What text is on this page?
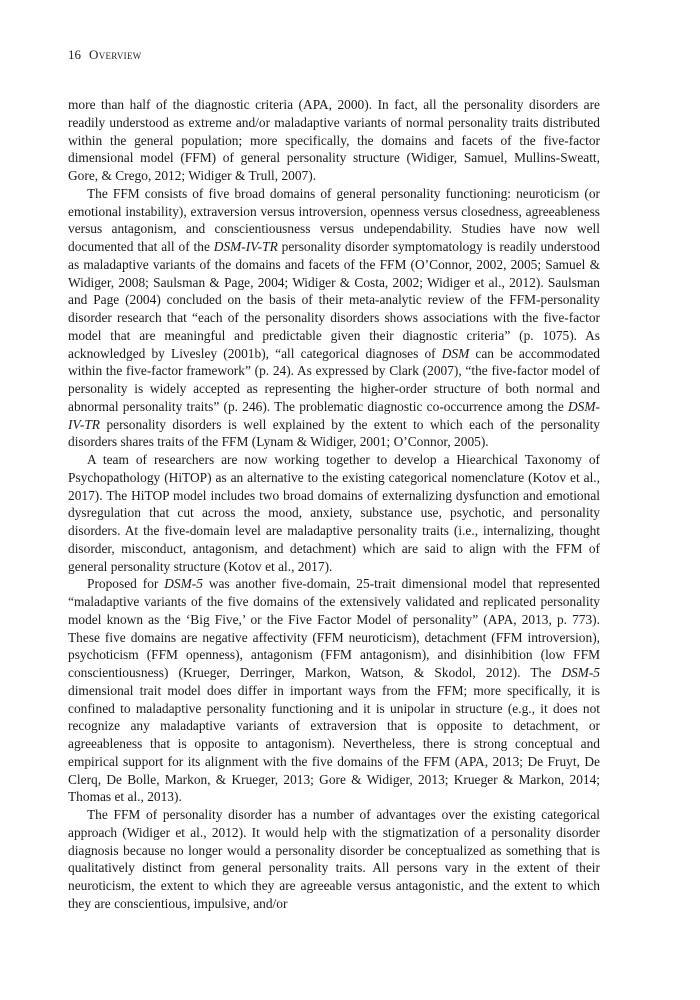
16 Overview

more than half of the diagnostic criteria (APA, 2000). In fact, all the personality disorders are readily understood as extreme and/or maladaptive variants of normal personality traits distributed within the general population; more specifically, the domains and facets of the five-factor dimensional model (FFM) of general personality structure (Widiger, Samuel, Mullins-Sweatt, Gore, & Crego, 2012; Widiger & Trull, 2007).

The FFM consists of five broad domains of general personality functioning: neuroticism (or emotional instability), extraversion versus introversion, openness versus closedness, agreeableness versus antagonism, and conscientiousness versus undependability. Studies have now well documented that all of the DSM-IV-TR personality disorder symptomatology is readily understood as maladaptive variants of the domains and facets of the FFM (O’Connor, 2002, 2005; Samuel & Widiger, 2008; Saulsman & Page, 2004; Widiger & Costa, 2002; Widiger et al., 2012). Saulsman and Page (2004) concluded on the basis of their meta-analytic review of the FFM-personality disorder research that “each of the personality disorders shows associations with the five-factor model that are meaningful and predictable given their diagnostic criteria” (p. 1075). As acknowledged by Livesley (2001b), “all categorical diagnoses of DSM can be accommodated within the five-factor framework” (p. 24). As expressed by Clark (2007), “the five-factor model of personality is widely accepted as representing the higher-order structure of both normal and abnormal personality traits” (p. 246). The problematic diagnostic co-occurrence among the DSM-IV-TR personality disorders is well explained by the extent to which each of the personality disorders shares traits of the FFM (Lynam & Widiger, 2001; O’Connor, 2005).

A team of researchers are now working together to develop a Hiearchical Taxonomy of Psychopathology (HiTOP) as an alternative to the existing categorical nomenclature (Kotov et al., 2017). The HiTOP model includes two broad domains of externalizing dysfunction and emotional dysregulation that cut across the mood, anxiety, substance use, psychotic, and personality disorders. At the five-domain level are maladaptive personality traits (i.e., internalizing, thought disorder, misconduct, antagonism, and detachment) which are said to align with the FFM of general personality structure (Kotov et al., 2017).

Proposed for DSM-5 was another five-domain, 25-trait dimensional model that represented “maladaptive variants of the five domains of the extensively validated and replicated personality model known as the ‘Big Five,’ or the Five Factor Model of personality” (APA, 2013, p. 773). These five domains are negative affectivity (FFM neuroticism), detachment (FFM introversion), psychoticism (FFM openness), antagonism (FFM antagonism), and disinhibition (low FFM conscientiousness) (Krueger, Derringer, Markon, Watson, & Skodol, 2012). The DSM-5 dimensional trait model does differ in important ways from the FFM; more specifically, it is confined to maladaptive personality functioning and it is unipolar in structure (e.g., it does not recognize any maladaptive variants of extraversion that is opposite to detachment, or agreeableness that is opposite to antagonism). Nevertheless, there is strong conceptual and empirical support for its alignment with the five domains of the FFM (APA, 2013; De Fruyt, De Clerq, De Bolle, Markon, & Krueger, 2013; Gore & Widiger, 2013; Krueger & Markon, 2014; Thomas et al., 2013).

The FFM of personality disorder has a number of advantages over the existing categorical approach (Widiger et al., 2012). It would help with the stigmatization of a personality disorder diagnosis because no longer would a personality disorder be conceptualized as something that is qualitatively distinct from general personality traits. All persons vary in the extent of their neuroticism, the extent to which they are agreeable versus antagonistic, and the extent to which they are conscientious, impulsive, and/or
